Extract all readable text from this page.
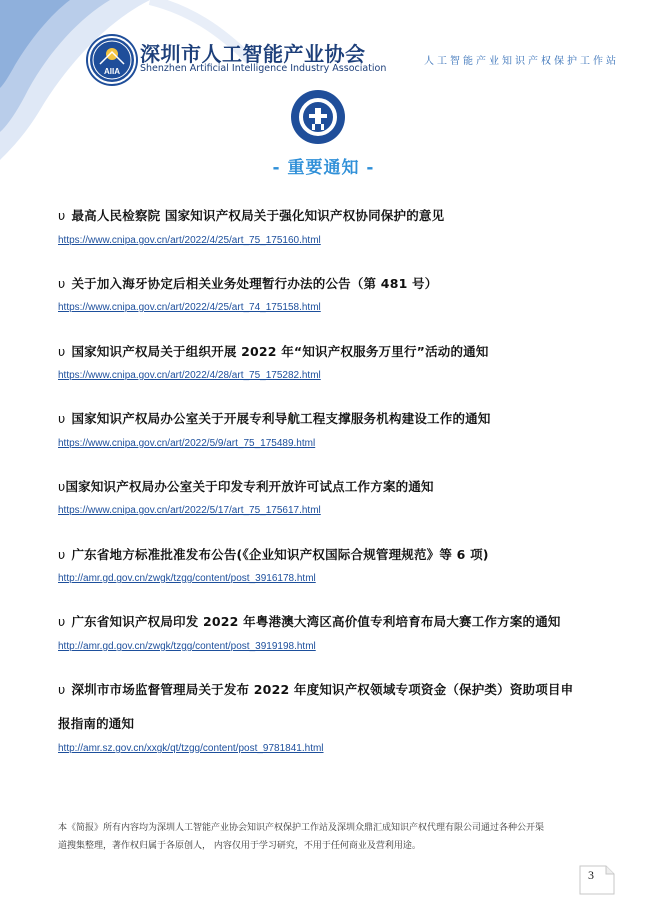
AIIA
深圳市人工智能产业协会
Shenzhen Artificial Intelligence Industry Association
人工智能产业知识产权保护工作站
- 重要通知 -
υ 最高人民检察院 国家知识产权局关于强化知识产权协同保护的意见
https://www.cnipa.gov.cn/art/2022/4/25/art_75_175160.html
υ 关于加入海牙协定后相关业务处理暂行办法的公告（第 481 号）
https://www.cnipa.gov.cn/art/2022/4/25/art_74_175158.html
υ 国家知识产权局关于组织开展 2022 年“知识产权服务万里行”活动的通知
https://www.cnipa.gov.cn/art/2022/4/28/art_75_175282.html
υ 国家知识产权局办公室关于开展专利导航工程支撑服务机构建设工作的通知
https://www.cnipa.gov.cn/art/2022/5/9/art_75_175489.html
υ国家知识产权局办公室关于印发专利开放许可试点工作方案的通知
https://www.cnipa.gov.cn/art/2022/5/17/art_75_175617.html
υ 广东省地方标准批准发布公告(《企业知识产权国际合规管理规范》等 6 项)
http://amr.gd.gov.cn/zwgk/tzgg/content/post_3916178.html
υ 广东省知识产权局印发 2022 年粤港澳大湾区高价值专利培育布局大赛工作方案的通知
http://amr.gd.gov.cn/zwgk/tzgg/content/post_3919198.html
υ 深圳市市场监督管理局关于发布 2022 年度知识产权领域专项资金（保护类）资助项目申
报指南的通知
http://amr.sz.gov.cn/xxgk/qt/tzgg/content/post_9781841.html
本《简报》所有内容均为深圳人工智能产业协会知识产权保护工作站及深圳众鼎汇成知识产权代理有限公司通过各种公开渠
道搜集整理，著作权归属于各原创人， 内容仅用于学习研究，不用于任何商业及营利用途。
3
